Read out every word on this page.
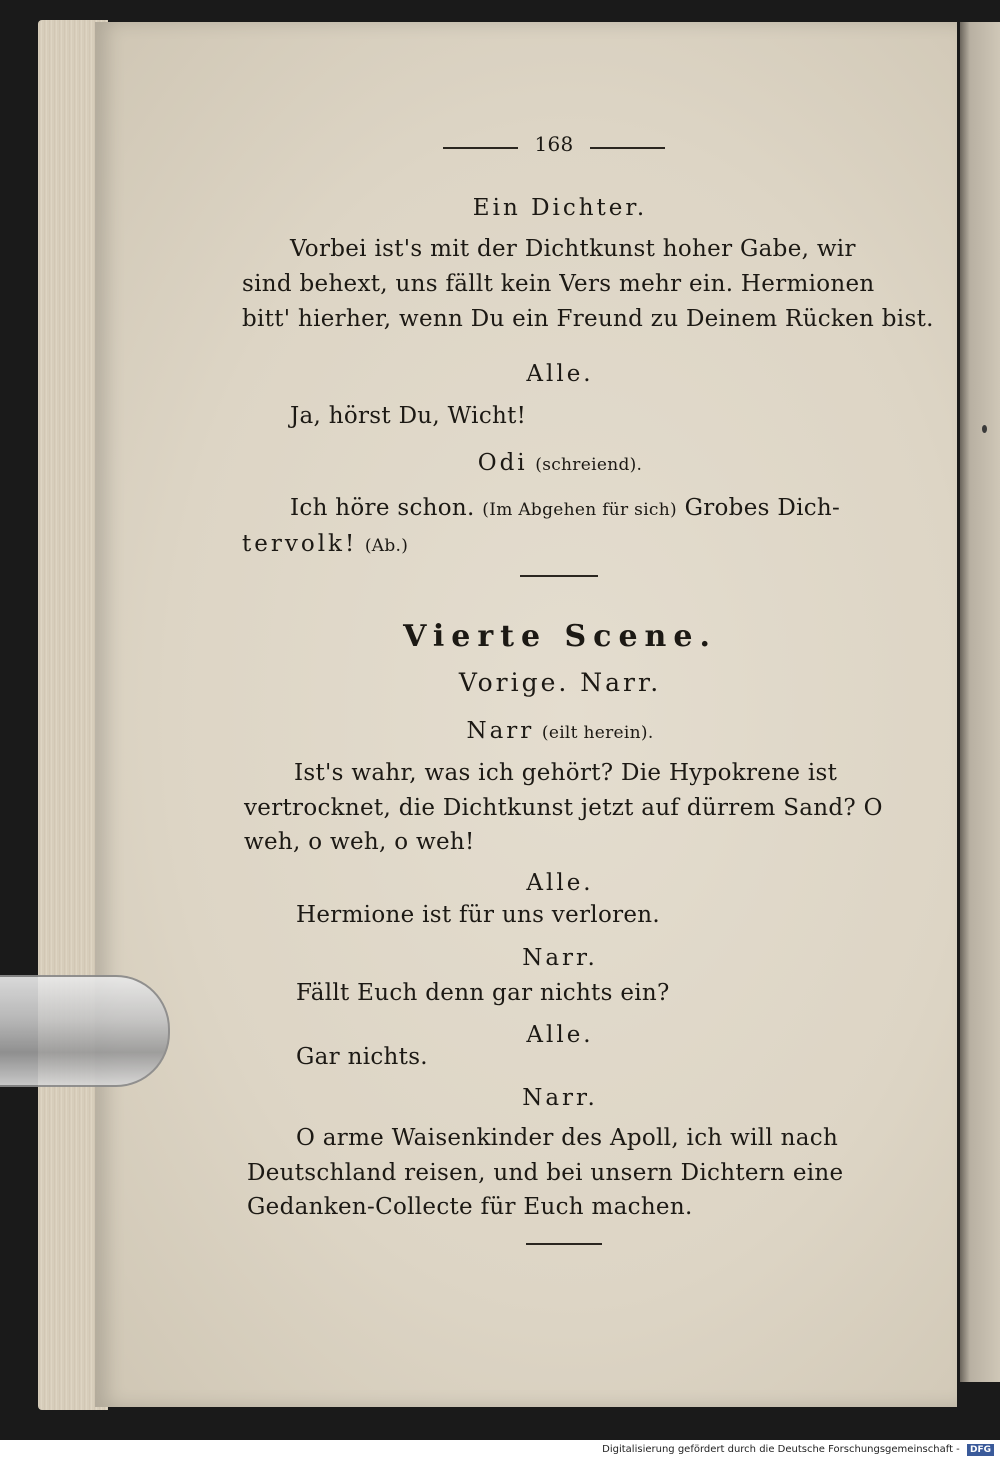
168
Ein Dichter.
Vorbei ist's mit der Dichtkunst hoher Gabe, wir
sind behext, uns fällt kein Vers mehr ein. Hermionen
bitt' hierher, wenn Du ein Freund zu Deinem Rücken bist.
Alle.
Ja, hörst Du, Wicht!
Odi (schreiend).
Ich höre schon. (Im Abgehen für sich) Grobes Dich-
tervolk! (Ab.)
Vierte Scene.
Vorige. Narr.
Narr (eilt herein).
Ist's wahr, was ich gehört? Die Hypokrene ist
vertrocknet, die Dichtkunst jetzt auf dürrem Sand? O
weh, o weh, o weh!
Alle.
Hermione ist für uns verloren.
Narr.
Fällt Euch denn gar nichts ein?
Alle.
Gar nichts.
Narr.
O arme Waisenkinder des Apoll, ich will nach
Deutschland reisen, und bei unsern Dichtern eine
Gedanken-Collecte für Euch machen.
Digitalisierung gefördert durch die Deutsche Forschungsgemeinschaft - DFG
